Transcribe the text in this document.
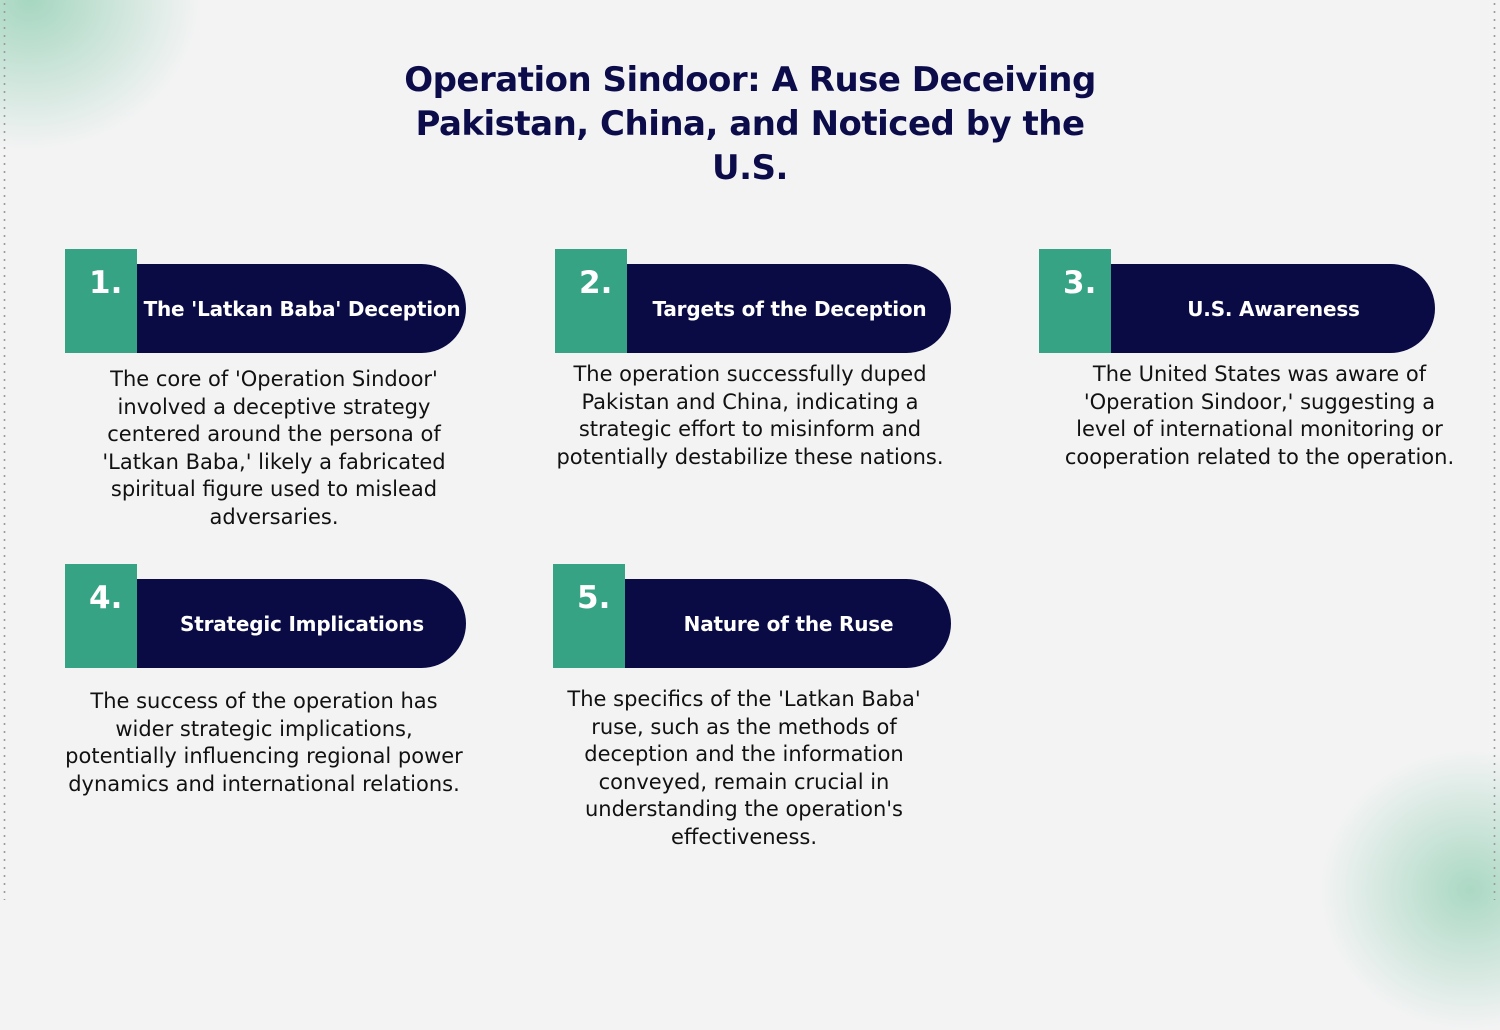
Operation Sindoor: A Ruse Deceiving Pakistan, China, and Noticed by the U.S.
The 'Latkan Baba' Deception
1.

The core of 'Operation Sindoor' involved a deceptive strategy centered around the persona of 'Latkan Baba,' likely a fabricated spiritual figure used to mislead adversaries.

Targets of the Deception
2.

The operation successfully duped Pakistan and China, indicating a strategic effort to misinform and potentially destabilize these nations.

U.S. Awareness
3.

The United States was aware of 'Operation Sindoor,' suggesting a level of international monitoring or cooperation related to the operation.

Strategic Implications
4.

The success of the operation has wider strategic implications, potentially influencing regional power dynamics and international relations.

Nature of the Ruse
5.

The specifics of the 'Latkan Baba' ruse, such as the methods of deception and the information conveyed, remain crucial in understanding the operation's effectiveness.
